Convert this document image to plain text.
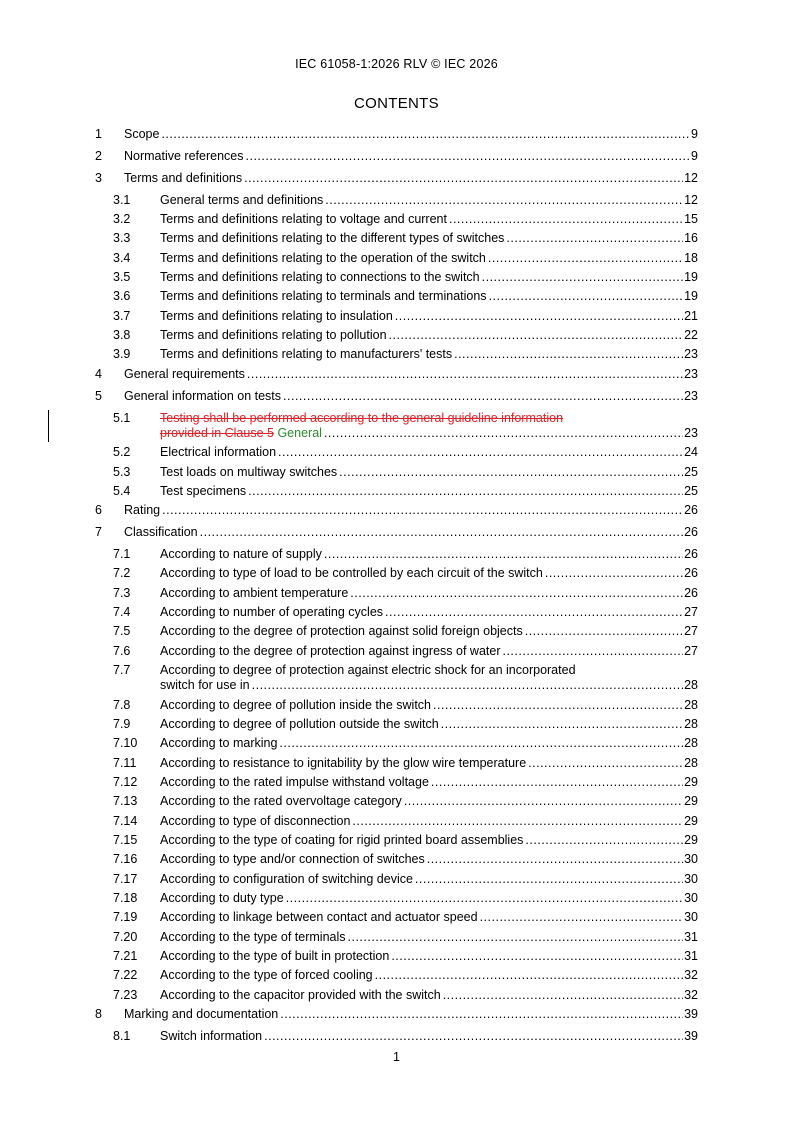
IEC 61058-1:2026 RLV © IEC 2026
CONTENTS
1 Scope .....	9
2 Normative references .....	9
3 Terms and definitions .....	12
3.1 General terms and definitions .....	12
3.2 Terms and definitions relating to voltage and current .....	15
3.3 Terms and definitions relating to the different types of switches .....	16
3.4 Terms and definitions relating to the operation of the switch .....	18
3.5 Terms and definitions relating to connections to the switch .....	19
3.6 Terms and definitions relating to terminals and terminations .....	19
3.7 Terms and definitions relating to insulation .....	21
3.8 Terms and definitions relating to pollution .....	22
3.9 Terms and definitions relating to manufacturers' tests .....	23
4 General requirements .....	23
5 General information on tests .....	23
5.1 Testing shall be performed according to the general guideline information
provided in Clause 5 General .....	23
5.2 Electrical information .....	24
5.3 Test loads on multiway switches .....	25
5.4 Test specimens .....	25
6 Rating .....	26
7 Classification .....	26
7.1 According to nature of supply .....	26
7.2 According to type of load to be controlled by each circuit of the switch .....	26
7.3 According to ambient temperature .....	26
7.4 According to number of operating cycles .....	27
7.5 According to the degree of protection against solid foreign objects .....	27
7.6 According to the degree of protection against ingress of water .....	27
7.7 According to degree of protection against electric shock for an incorporated
switch for use in .....	28
7.8 According to degree of pollution inside the switch .....	28
7.9 According to degree of pollution outside the switch .....	28
7.10 According to marking .....	28
7.11 According to resistance to ignitability by the glow wire temperature .....	28
7.12 According to the rated impulse withstand voltage .....	29
7.13 According to the rated overvoltage category .....	29
7.14 According to type of disconnection .....	29
7.15 According to the type of coating for rigid printed board assemblies .....	29
7.16 According to type and/or connection of switches .....	30
7.17 According to configuration of switching device .....	30
7.18 According to duty type .....	30
7.19 According to linkage between contact and actuator speed .....	30
7.20 According to the type of terminals .....	31
7.21 According to the type of built in protection .....	31
7.22 According to the type of forced cooling .....	32
7.23 According to the capacitor provided with the switch .....	32
8 Marking and documentation .....	39
8.1 Switch information .....	39
1
